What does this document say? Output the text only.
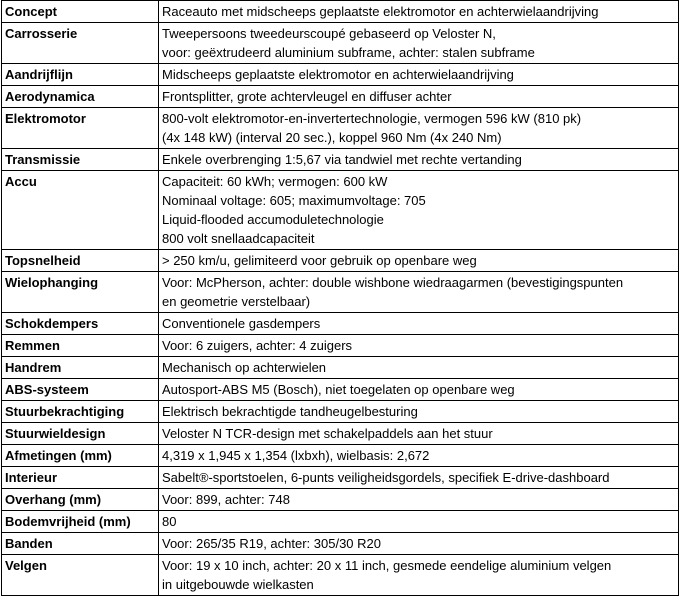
Concept	Raceauto met midscheeps geplaatste elektromotor en achterwielaandrijving

Carrosserie	Tweepersoons tweedeurscoupé gebaseerd op Veloster N,
voor: geëxtrudeerd aluminium subframe, achter: stalen subframe

Aandrijflijn	Midscheeps geplaatste elektromotor en achterwielaandrijving

Aerodynamica	Frontsplitter, grote achtervleugel en diffuser achter

Elektromotor	800-volt elektromotor-en-invertertechnologie, vermogen 596 kW (810 pk)
(4x 148 kW) (interval 20 sec.), koppel 960 Nm (4x 240 Nm)

Transmissie	Enkele overbrenging 1:5,67 via tandwiel met rechte vertanding

Accu	Capaciteit: 60 kWh; vermogen: 600 kW
Nominaal voltage: 605; maximumvoltage: 705
Liquid-flooded accumoduletechnologie
800 volt snellaadcapaciteit

Topsnelheid	> 250 km/u, gelimiteerd voor gebruik op openbare weg

Wielophanging	Voor: McPherson, achter: double wishbone wiedraagarmen (bevestigingspunten
en geometrie verstelbaar)

Schokdempers	Conventionele gasdempers

Remmen	Voor: 6 zuigers, achter: 4 zuigers

Handrem	Mechanisch op achterwielen

ABS-systeem	Autosport-ABS M5 (Bosch), niet toegelaten op openbare weg

Stuurbekrachtiging	Elektrisch bekrachtigde tandheugelbesturing

Stuurwieldesign	Veloster N TCR-design met schakelpaddels aan het stuur

Afmetingen (mm)	4,319 x 1,945 x 1,354 (lxbxh), wielbasis: 2,672

Interieur	Sabelt®-sportstoelen, 6-punts veiligheidsgordels, specifiek E-drive-dashboard

Overhang (mm)	Voor: 899, achter: 748

Bodemvrijheid (mm)	80

Banden	Voor: 265/35 R19, achter: 305/30 R20

Velgen	Voor: 19 x 10 inch, achter: 20 x 11 inch, gesmede eendelige aluminium velgen
in uitgebouwde wielkasten
